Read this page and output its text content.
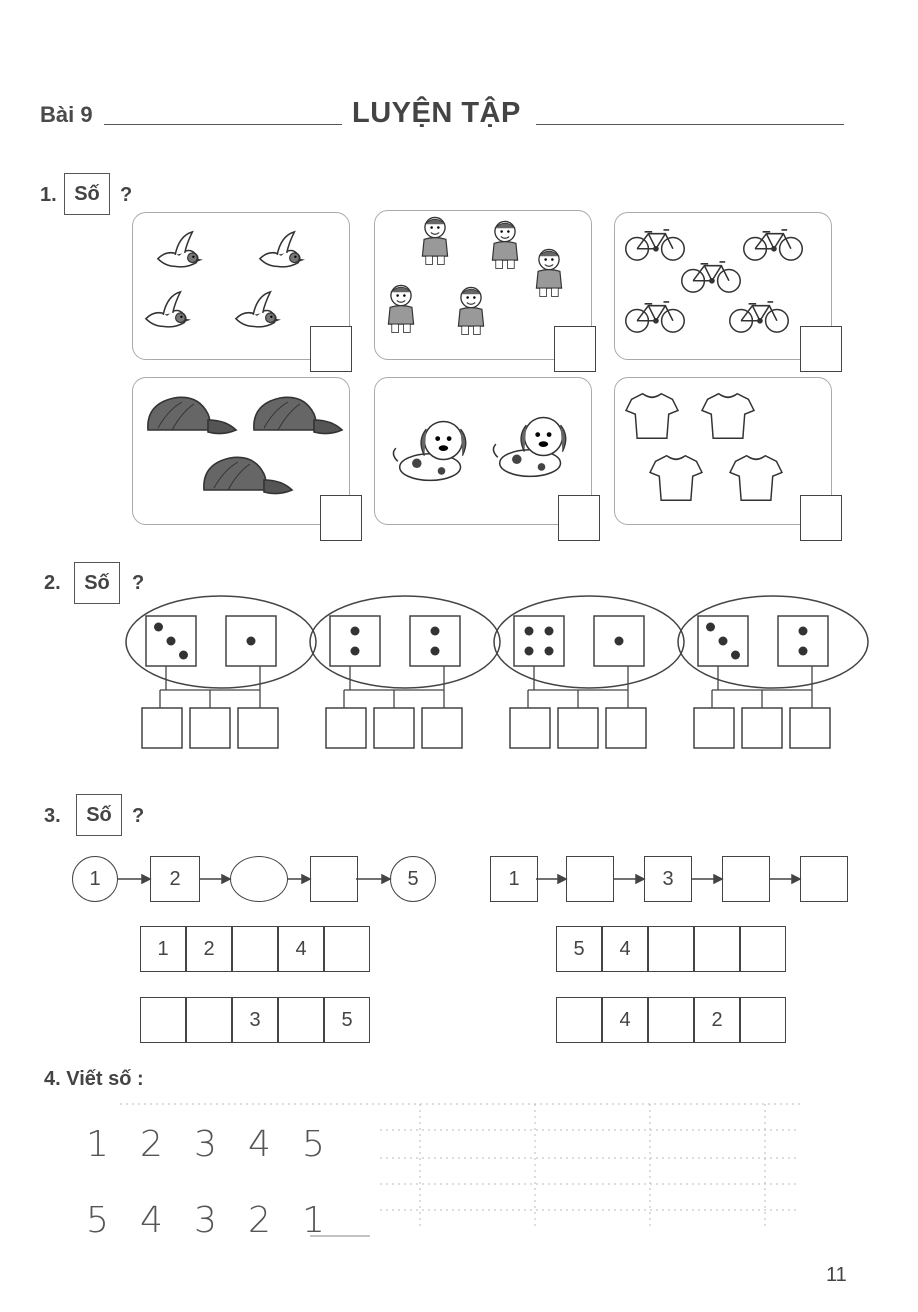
Bài 9	LUYỆN TẬP
1. Số	?
2.	Số	?
3.	Số	?
1	2	5	1	3
1	2	4
3	5
5	4
4	2
4. Viết số :
1 2 3 4 5
5 4 3 2 1
11
